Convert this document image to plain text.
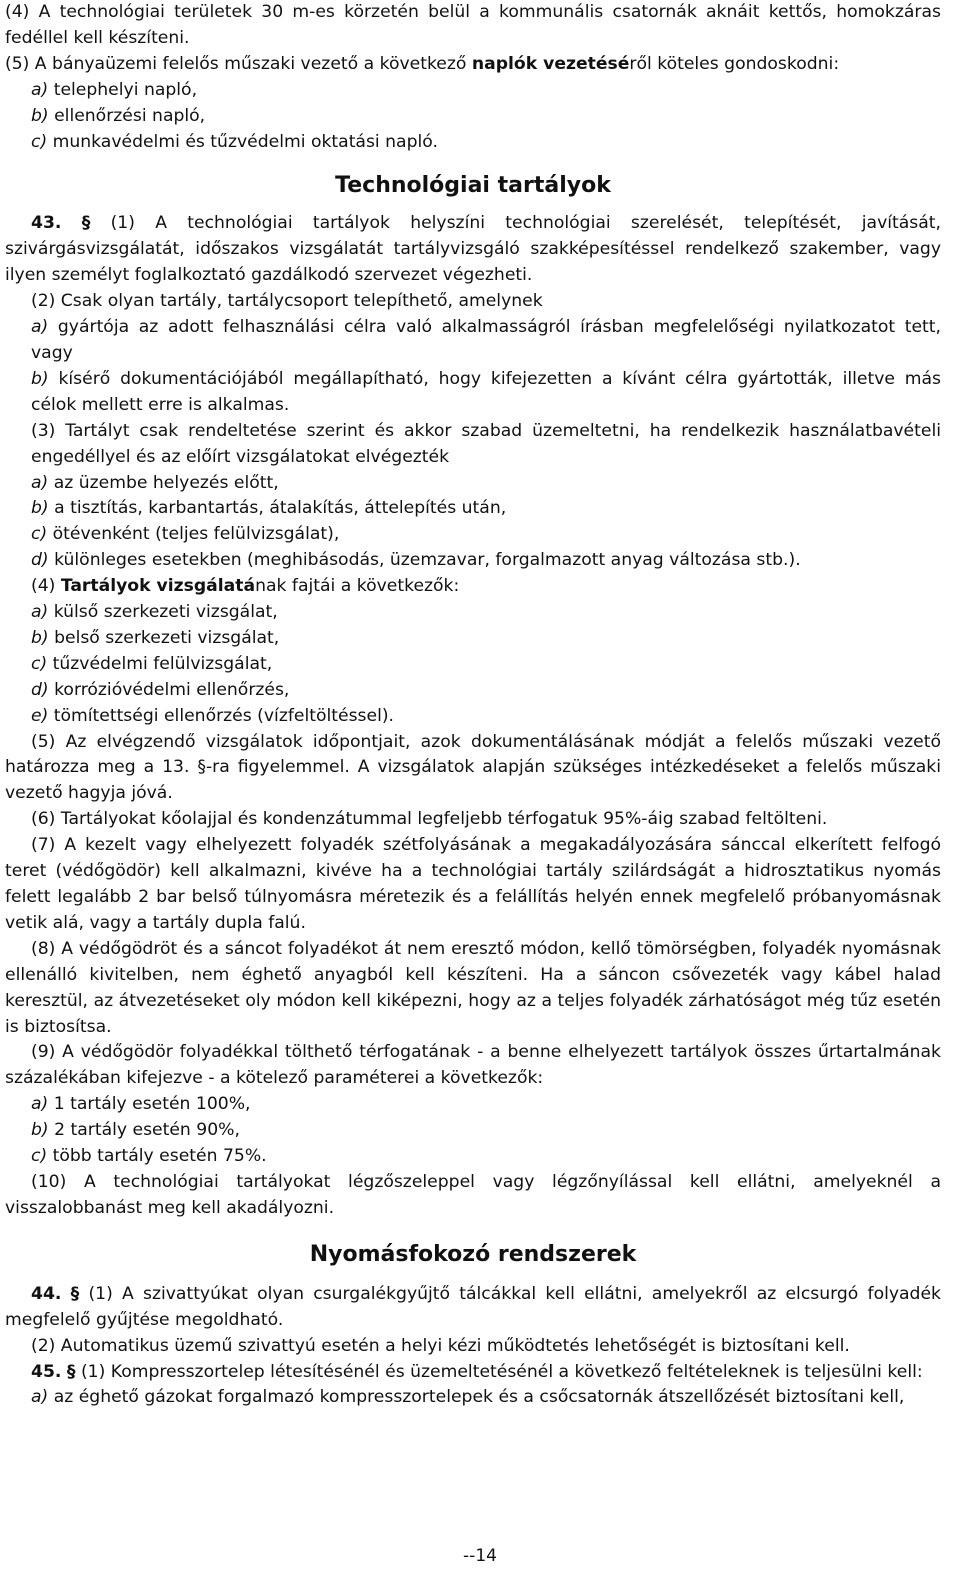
(4) A technológiai területek 30 m-es körzetén belül a kommunális csatornák aknáit kettős, homokzáras fedéllel kell készíteni.

(5) A bányaüzemi felelős műszaki vezető a következő naplók vezetéséről köteles gondoskodni:

a) telephelyi napló,

b) ellenőrzési napló,

c) munkavédelmi és tűzvédelmi oktatási napló.

Technológiai tartályok

43. § (1) A technológiai tartályok helyszíni technológiai szerelését, telepítését, javítását, szivárgásvizsgálatát, időszakos vizsgálatát tartályvizsgáló szakképesítéssel rendelkező szakember, vagy ilyen személyt foglalkoztató gazdálkodó szervezet végezheti.

(2) Csak olyan tartály, tartálycsoport telepíthető, amelynek

a) gyártója az adott felhasználási célra való alkalmasságról írásban megfelelőségi nyilatkozatot tett, vagy

b) kísérő dokumentációjából megállapítható, hogy kifejezetten a kívánt célra gyártották, illetve más célok mellett erre is alkalmas.

(3) Tartályt csak rendeltetése szerint és akkor szabad üzemeltetni, ha rendelkezik használatbavételi engedéllyel és az előírt vizsgálatokat elvégezték

a) az üzembe helyezés előtt,

b) a tisztítás, karbantartás, átalakítás, áttelepítés után,

c) ötévenként (teljes felülvizsgálat),

d) különleges esetekben (meghibásodás, üzemzavar, forgalmazott anyag változása stb.).

(4) Tartályok vizsgálatának fajtái a következők:

a) külső szerkezeti vizsgálat,

b) belső szerkezeti vizsgálat,

c) tűzvédelmi felülvizsgálat,

d) korrózióvédelmi ellenőrzés,

e) tömítettségi ellenőrzés (vízfeltöltéssel).

(5) Az elvégzendő vizsgálatok időpontjait, azok dokumentálásának módját a felelős műszaki vezető határozza meg a 13. §-ra figyelemmel. A vizsgálatok alapján szükséges intézkedéseket a felelős műszaki vezető hagyja jóvá.

(6) Tartályokat kőolajjal és kondenzátummal legfeljebb térfogatuk 95%-áig szabad feltölteni.

(7) A kezelt vagy elhelyezett folyadék szétfolyásának a megakadályozására sánccal elkerített felfogó teret (védőgödör) kell alkalmazni, kivéve ha a technológiai tartály szilárdságát a hidrosztatikus nyomás felett legalább 2 bar belső túlnyomásra méretezik és a felállítás helyén ennek megfelelő próbanyomásnak vetik alá, vagy a tartály dupla falú.

(8) A védőgödröt és a sáncot folyadékot át nem eresztő módon, kellő tömörségben, folyadék nyomásnak ellenálló kivitelben, nem éghető anyagból kell készíteni. Ha a sáncon csővezeték vagy kábel halad keresztül, az átvezetéseket oly módon kell kiképezni, hogy az a teljes folyadék zárhatóságot még tűz esetén is biztosítsa.

(9) A védőgödör folyadékkal tölthető térfogatának - a benne elhelyezett tartályok összes űrtartalmának százalékában kifejezve - a kötelező paraméterei a következők:

a) 1 tartály esetén 100%,

b) 2 tartály esetén 90%,

c) több tartály esetén 75%.

(10) A technológiai tartályokat légzőszeleppel vagy légzőnyílással kell ellátni, amelyeknél a visszalobbanást meg kell akadályozni.

Nyomásfokozó rendszerek

44. § (1) A szivattyúkat olyan csurgalékgyűjtő tálcákkal kell ellátni, amelyekről az elcsurgó folyadék megfelelő gyűjtése megoldható.

(2) Automatikus üzemű szivattyú esetén a helyi kézi működtetés lehetőségét is biztosítani kell.

45. § (1) Kompresszortelep létesítésénél és üzemeltetésénél a következő feltételeknek is teljesülni kell:

a) az éghető gázokat forgalmazó kompresszortelepek és a csőcsatornák átszellőzését biztosítani kell,

--14
